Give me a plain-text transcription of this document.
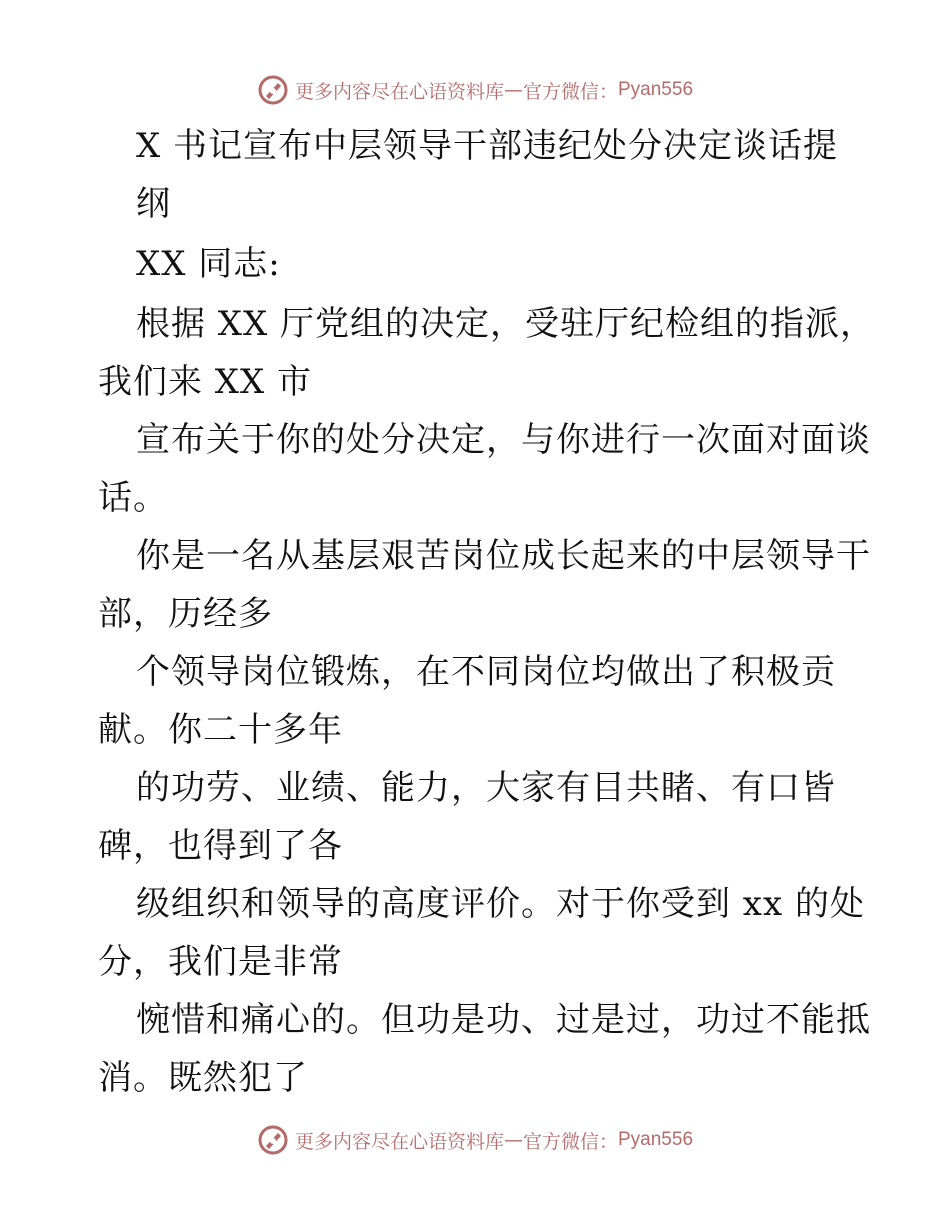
更多内容尽在心语资料库 — 官方微信： Pyan556
X 书记宣布中层领导干部违纪处分决定谈话提
纲
XX 同志:
根据 XX 厅党组的决定，受驻厅纪检组的指派，
我们来 XX 市
宣布关于你的处分决定，与你进行一次面对面谈
话。
你是一名从基层艰苦岗位成长起来的中层领导干
部，历经多
个领导岗位锻炼，在不同岗位均做出了积极贡
献。你二十多年
的功劳、业绩、能力，大家有目共睹、有口皆
碑，也得到了各
级组织和领导的高度评价。对于你受到 xx 的处
分，我们是非常
惋惜和痛心的。但功是功、过是过，功过不能抵
消。既然犯了
更多内容尽在心语资料库 — 官方微信： Pyan556
